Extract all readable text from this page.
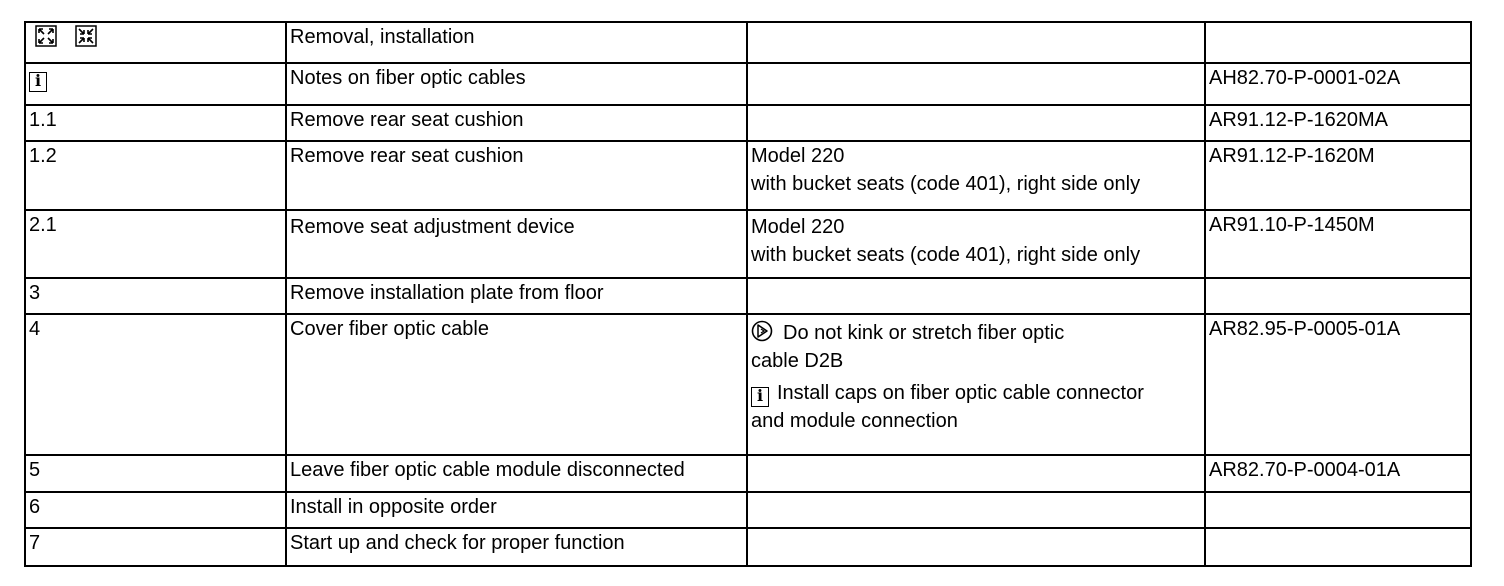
	Removal, installation		
i	Notes on fiber optic cables		AH82.70-P-0001-02A
1.1	Remove rear seat cushion		AR91.12-P-1620MA
1.2	Remove rear seat cushion	Model 220
with bucket seats (code 401), right side only	AR91.12-P-1620M
2.1	Remove seat adjustment device	Model 220
with bucket seats (code 401), right side only	AR91.10-P-1450M
3	Remove installation plate from floor		
4	Cover fiber optic cable	Do not kink or stretch fiber optic
cable D2B
i Install caps on fiber optic cable connector
and module connection	AR82.95-P-0005-01A
5	Leave fiber optic cable module disconnected		AR82.70-P-0004-01A
6	Install in opposite order		
7	Start up and check for proper function		
